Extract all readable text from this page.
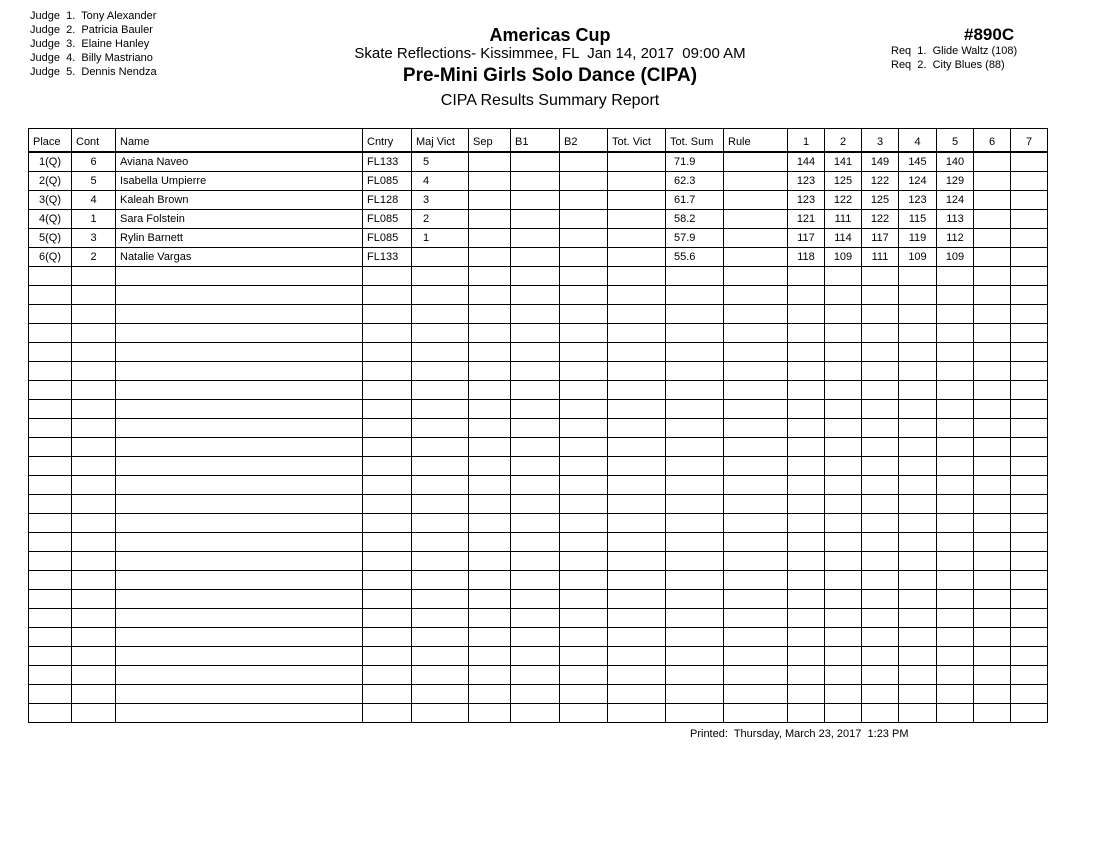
Judge  1.  Tony Alexander
Judge  2.  Patricia Bauler
Judge  3.  Elaine Hanley
Judge  4.  Billy Mastriano
Judge  5.  Dennis Nendza
Americas Cup
Skate Reflections- Kissimmee, FL  Jan 14, 2017  09:00 AM
Pre-Mini Girls Solo Dance (CIPA)
CIPA Results Summary Report
#890C
Req  1.  Glide Waltz (108)
Req  2.  City Blues (88)
Place	Cont	Name	Cntry	Maj Vict	Sep	B1	B2	Tot. Vict	Tot. Sum	Rule	1	2	3	4	5	6	7
1(Q)	6	Aviana Naveo	FL133	5					71.9		144	141	149	145	140		
2(Q)	5	Isabella Umpierre	FL085	4					62.3		123	125	122	124	129		
3(Q)	4	Kaleah Brown	FL128	3					61.7		123	122	125	123	124		
4(Q)	1	Sara Folstein	FL085	2					58.2		121	111	122	115	113		
5(Q)	3	Rylin Barnett	FL085	1					57.9		117	114	117	119	112		
6(Q)	2	Natalie Vargas	FL133						55.6		118	109	111	109	109		

Printed:  Thursday, March 23, 2017  1:23 PM
